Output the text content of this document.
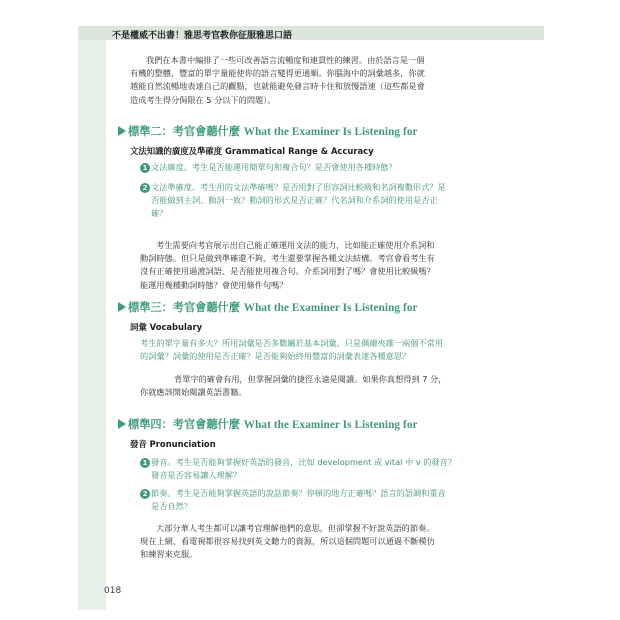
不是權威不出書！雅思考官教你征服雅思口語
我們在本書中編排了一些可改善語言流暢度和連貫性的練習。由於語言是一個
有機的整體，豐富的單字量能使你的語言變得更通順。你腦海中的詞彙越多，你就
越能自然流暢地表達自己的觀點，也就能避免發言時卡住和放慢語速（這些都是會
造成考生得分侷限在 5 分以下的問題）。
標準二：考官會聽什麼 What the Examiner Is Listening for
文法知識的廣度及準確度 Grammatical Range & Accuracy
1 文法廣度。考生是否能運用簡單句和複合句？是否會使用各種時態？
2 文法準確度。考生用的文法準確嗎？是否用對了形容詞比較級和名詞複數形式？是
否能做到主詞、動詞一致？動詞的形式是否正確？代名詞和介系詞的使用是否正
確？
考生需要向考官展示出自己能正確運用文法的能力，比如能正確使用介系詞和
動詞時態。但只是做到準確還不夠，考生還要掌握各種文法結構。考官會看考生有
沒有正確使用過渡詞語、是否能使用複合句。介系詞用對了嗎？會使用比較級嗎？
能運用幾種動詞時態？會使用條件句嗎？
標準三：考官會聽什麼 What the Examiner Is Listening for
詞彙 Vocabulary
考生的單字量有多大？所用詞彙是否多數屬於基本詞彙，只是偶爾夾雜一兩個不常用
的詞彙？詞彙的使用是否正確？是否能夠始終用豐富的詞彙表達各種意思？
背單字的確會有用，但掌握詞彙的捷徑永遠是閱讀。如果你真想得到 7 分，
你就應該開始閱讀英語書籍。
標準四：考官會聽什麼 What the Examiner Is Listening for
發音 Pronunciation
1 發音。考生是否能夠掌握好英語的發音，比如 development 或 vital 中 v 的發音？
發音是否容易讓人理解？
2 節奏。考生是否能夠掌握英語的說話節奏？停頓的地方正確嗎？語言的語調和重音
是否自然？
大部分華人考生都可以讓考官理解他們的意思，但卻掌握不好說英語的節奏。
現在上網、看電視都很容易找到英文聽力的資源，所以這個問題可以通過不斷模仿
和練習來克服。
018
